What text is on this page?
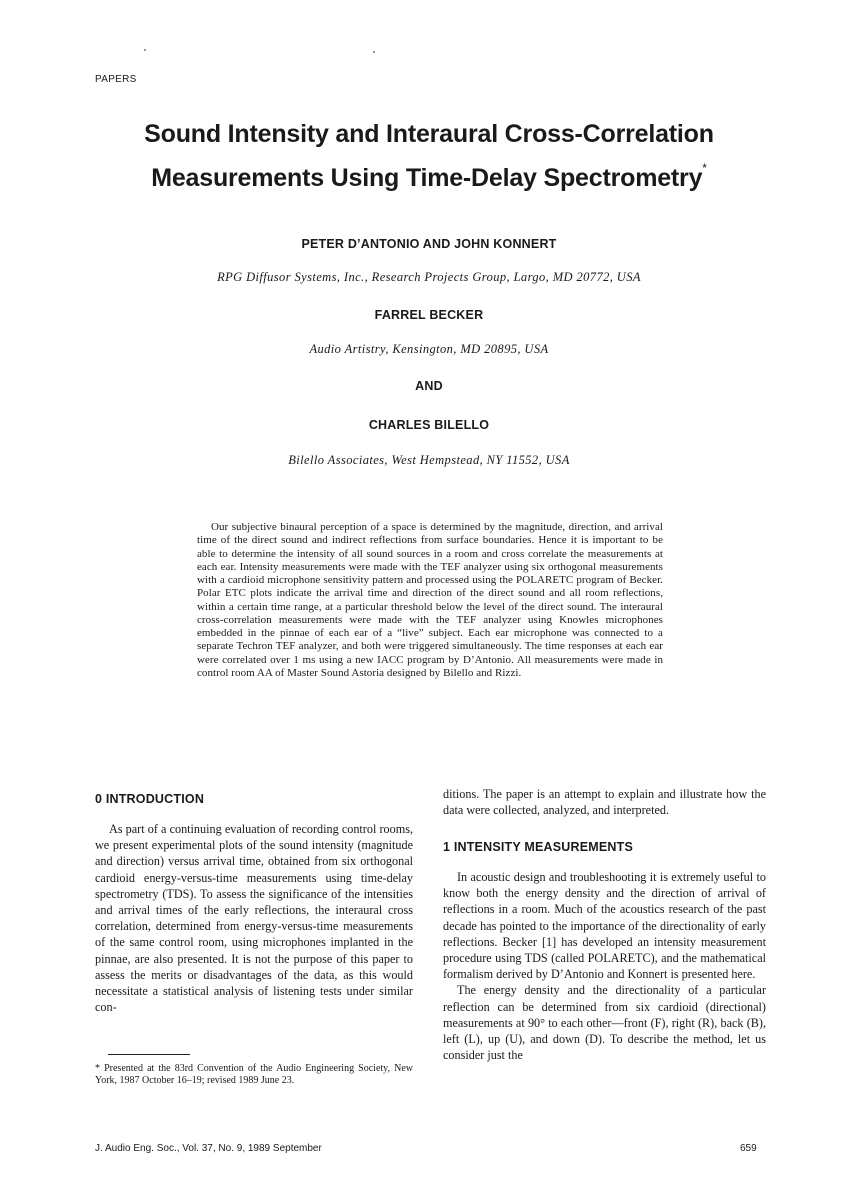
PAPERS
Sound Intensity and Interaural Cross-Correlation
Measurements Using Time-Delay Spectrometry*
PETER D’ANTONIO AND JOHN KONNERT
RPG Diffusor Systems, Inc., Research Projects Group, Largo, MD 20772, USA
FARREL BECKER
Audio Artistry, Kensington, MD 20895, USA
AND
CHARLES BILELLO
Bilello Associates, West Hempstead, NY 11552, USA
Our subjective binaural perception of a space is determined by the magnitude, direction, and arrival time of the direct sound and indirect reflections from surface boundaries. Hence it is important to be able to determine the intensity of all sound sources in a room and cross correlate the measurements at each ear. Intensity measurements were made with the TEF analyzer using six orthogonal measurements with a cardioid microphone sensitivity pattern and processed using the POLARETC program of Becker. Polar ETC plots indicate the arrival time and direction of the direct sound and all room reflections, within a certain time range, at a particular threshold below the level of the direct sound. The interaural cross-correlation measurements were made with the TEF analyzer using Knowles microphones embedded in the pinnae of each ear of a “live” subject. Each ear microphone was connected to a separate Techron TEF analyzer, and both were triggered simultaneously. The time responses at each ear were correlated over 1 ms using a new IACC program by D’Antonio. All measurements were made in control room AA of Master Sound Astoria designed by Bilello and Rizzi.
0 INTRODUCTION

As part of a continuing evaluation of recording control rooms, we present experimental plots of the sound intensity (magnitude and direction) versus arrival time, obtained from six orthogonal cardioid energy-versus-time measurements using time-delay spectrometry (TDS). To assess the significance of the intensities and arrival times of the early reflections, the interaural cross correlation, determined from energy-versus-time measurements of the same control room, using microphones implanted in the pinnae, are also presented. It is not the purpose of this paper to assess the merits or disadvantages of the data, as this would necessitate a statistical analysis of listening tests under similar con-

* Presented at the 83rd Convention of the Audio Engineering Society, New York, 1987 October 16–19; revised 1989 June 23.

ditions. The paper is an attempt to explain and illustrate how the data were collected, analyzed, and interpreted.

1 INTENSITY MEASUREMENTS

In acoustic design and troubleshooting it is extremely useful to know both the energy density and the direction of arrival of reflections in a room. Much of the acoustics research of the past decade has pointed to the importance of the directionality of early reflections. Becker [1] has developed an intensity measurement procedure using TDS (called POLARETC), and the mathematical formalism derived by D’Antonio and Konnert is presented here.

The energy density and the directionality of a particular reflection can be determined from six cardioid (directional) measurements at 90° to each other—front (F), right (R), back (B), left (L), up (U), and down (D). To describe the method, let us consider just the

J. Audio Eng. Soc., Vol. 37, No. 9, 1989 September	659
